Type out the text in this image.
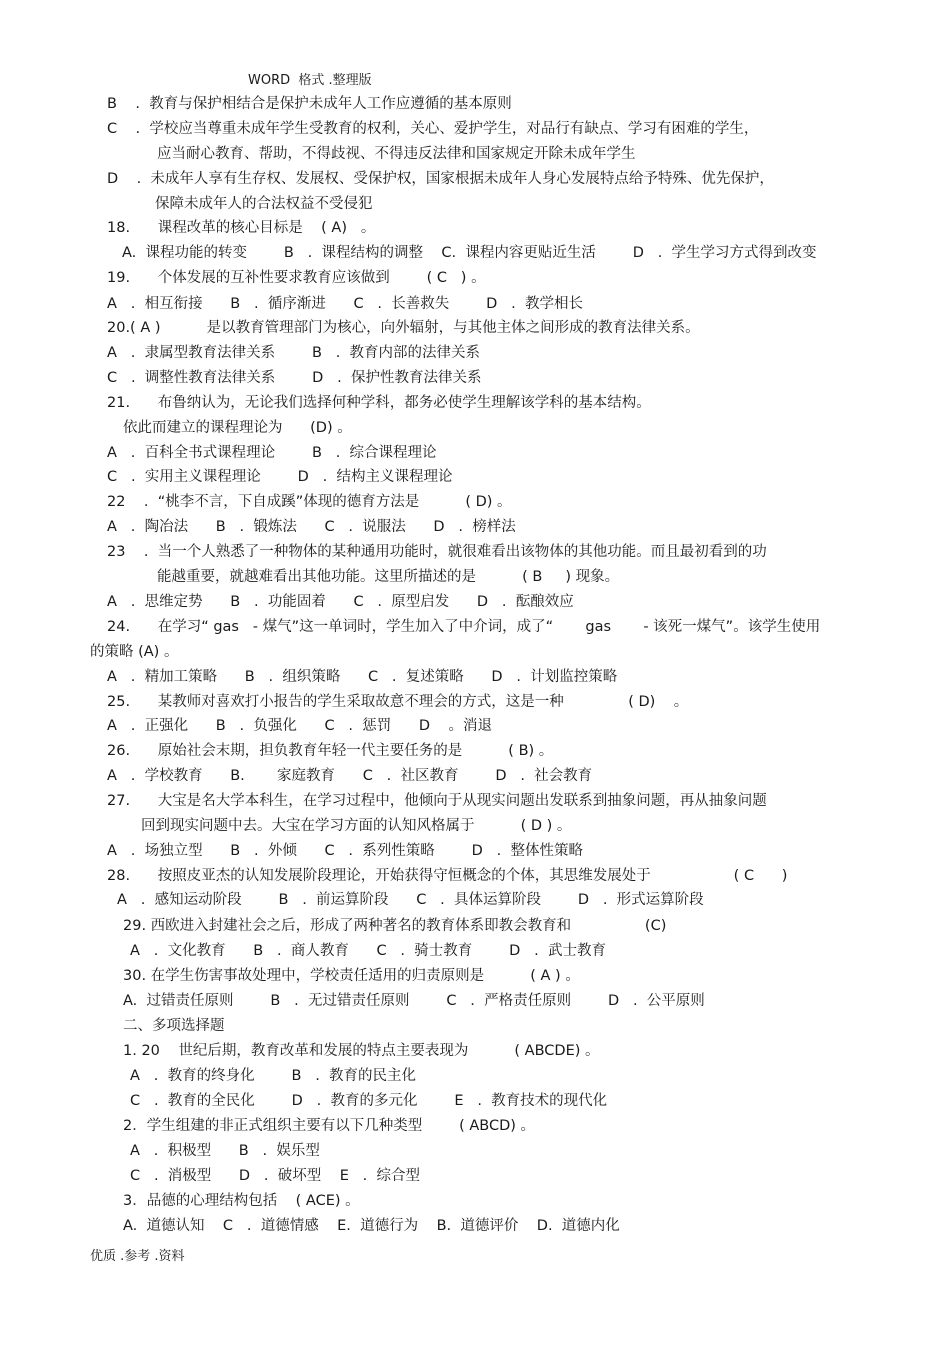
WORD  格式 .整理版
B    .  教育与保护相结合是保护未成年人工作应遵循的基本原则
C    .  学校应当尊重未成年学生受教育的权利，关心、爱护学生，对品行有缺点、学习有困难的学生，
应当耐心教育、帮助，不得歧视、不得违反法律和国家规定开除未成年学生
D    .  未成年人享有生存权、发展权、受保护权，国家根据未成年人身心发展特点给予特殊、优先保护，
保障未成年人的合法权益不受侵犯
18.      课程改革的核心目标是    ( A)   。
A.  课程功能的转变        B   .  课程结构的调整    C.  课程内容更贴近生活        D   .  学生学习方式得到改变
19.      个体发展的互补性要求教育应该做到        ( C   ) 。
A   .  相互衔接      B   .  循序渐进      C   .  长善救失        D   .  教学相长
20.( A )          是以教育管理部门为核心，向外辐射，与其他主体之间形成的教育法律关系。
A   .  隶属型教育法律关系        B   .  教育内部的法律关系
C   .  调整性教育法律关系        D   .  保护性教育法律关系
21.      布鲁纳认为，无论我们选择何种学科，都务必使学生理解该学科的基本结构。
依此而建立的课程理论为      (D) 。
A   .  百科全书式课程理论        B   .  综合课程理论
C   .  实用主义课程理论        D   .  结构主义课程理论
22    .  “桃李不言，下自成蹊”体现的德育方法是          ( D) 。
A   .  陶冶法      B   .  锻炼法      C   .  说服法      D   .  榜样法
23    .  当一个人熟悉了一种物体的某种通用功能时，就很难看出该物体的其他功能。而且最初看到的功
能越重要，就越难看出其他功能。这里所描述的是          ( B     ) 现象。
A   .  思维定势      B   .  功能固着      C   .  原型启发      D   .  酝酿效应
24.      在学习“ gas   - 煤气”这一单词时，学生加入了中介词，成了“       gas       - 该死一煤气”。该学生使用
的策略 (A) 。
A   .  精加工策略      B   .  组织策略      C   .  复述策略      D   .  计划监控策略
25.      某教师对喜欢打小报告的学生采取故意不理会的方式，这是一种              ( D)    。
A   .  正强化      B   .  负强化      C   .  惩罚      D    。消退
26.      原始社会末期，担负教育年轻一代主要任务的是          ( B) 。
A   .  学校教育      B.       家庭教育      C   .  社区教育        D   .  社会教育
27.      大宝是名大学本科生，在学习过程中，他倾向于从现实问题出发联系到抽象问题，再从抽象问题
回到现实问题中去。大宝在学习方面的认知风格属于          ( D ) 。
A   .  场独立型      B   .  外倾      C   .  系列性策略        D   .  整体性策略
28.      按照皮亚杰的认知发展阶段理论，开始获得守恒概念的个体，其思维发展处于                  ( C      )
A   .  感知运动阶段        B   .  前运算阶段      C   .  具体运算阶段        D   .  形式运算阶段
29. 西欧进入封建社会之后，形成了两种著名的教育体系即教会教育和                (C)
A   .  文化教育      B   .  商人教育      C   .  骑士教育        D   .  武士教育
30. 在学生伤害事故处理中，学校责任适用的归责原则是          ( A ) 。
A.  过错责任原则        B   .  无过错责任原则        C   .  严格责任原则        D   .  公平原则
二、多项选择题
1. 20    世纪后期，教育改革和发展的特点主要表现为          ( ABCDE) 。
A   .  教育的终身化        B   .  教育的民主化
C   .  教育的全民化        D   .  教育的多元化        E   .  教育技术的现代化
2．学生组建的非正式组织主要有以下几种类型        ( ABCD) 。
A   .  积极型      B   .  娱乐型
C   .  消极型      D   .  破坏型    E   .  综合型
3．品德的心理结构包括    ( ACE) 。
A.  道德认知    C   .  道德情感    E.  道德行为    B.  道德评价    D.  道德内化
优质 .参考 .资料
